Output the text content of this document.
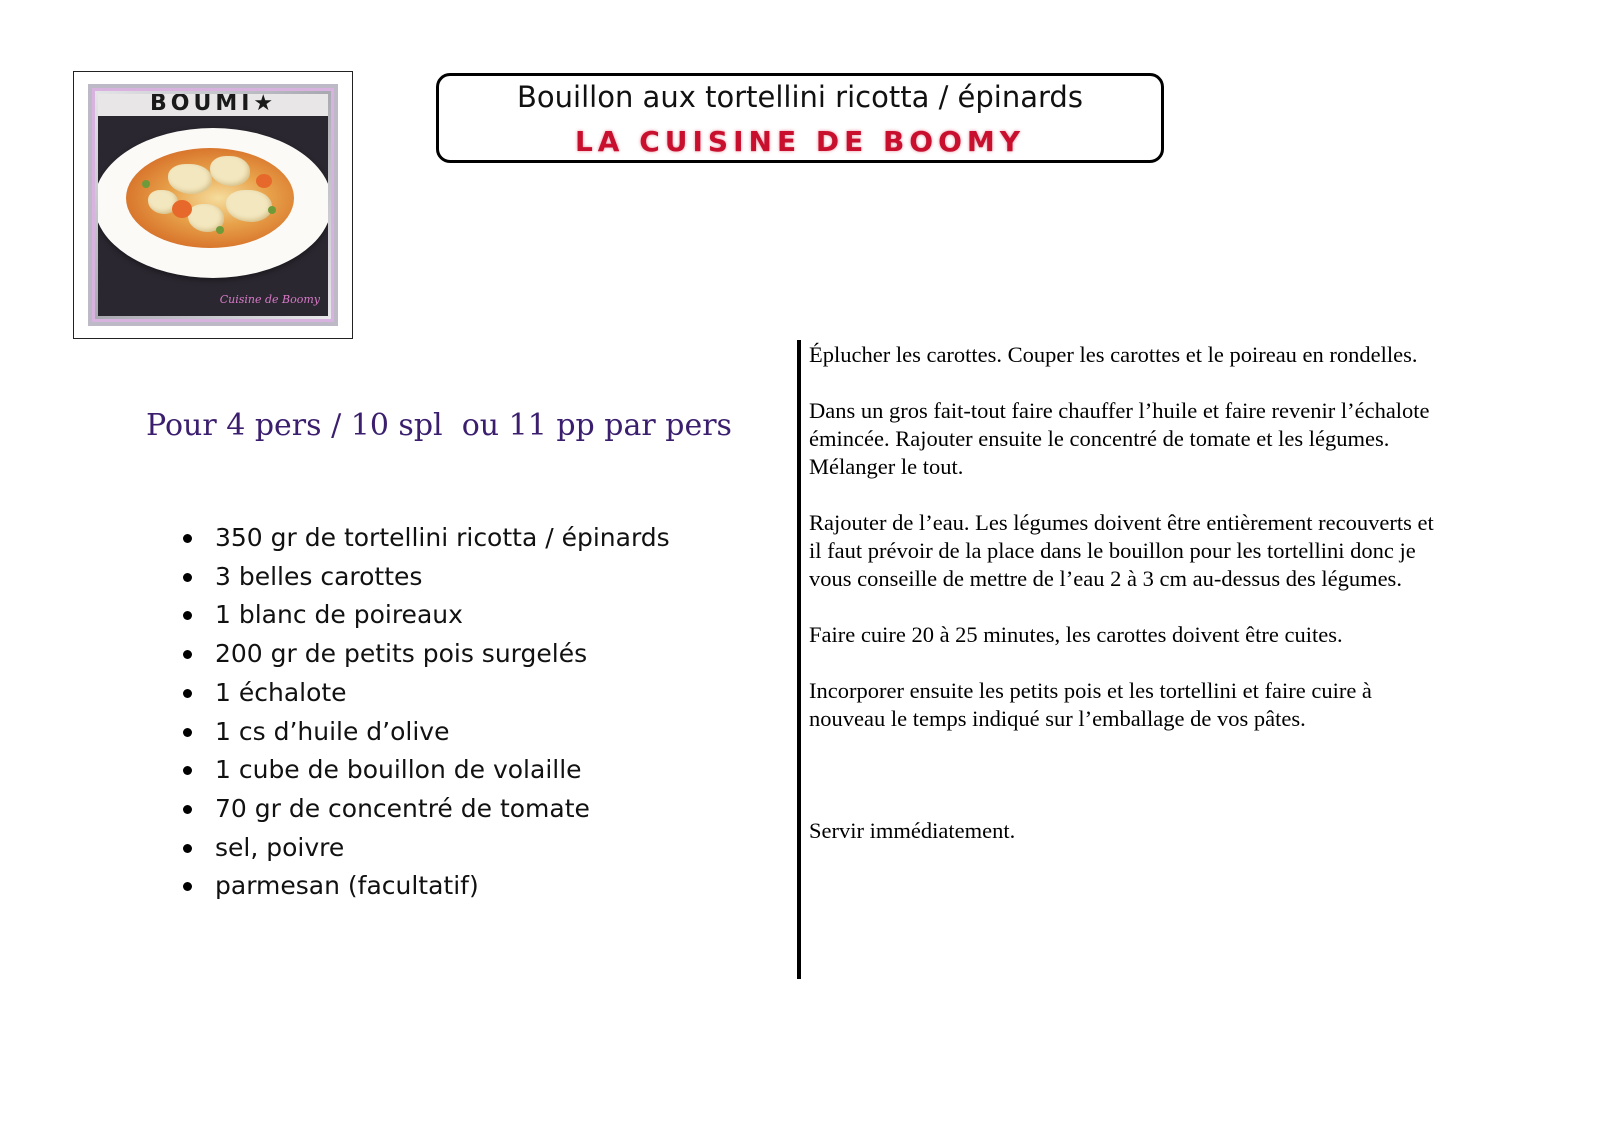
BOUMI★
Cuisine de Boomy
Bouillon aux tortellini ricotta / épinards
LA CUISINE DE BOOMY
Pour 4 pers / 10 spl  ou 11 pp par pers
350 gr de tortellini ricotta / épinards
3 belles carottes
1 blanc de poireaux
200 gr de petits pois surgelés
1 échalote
1 cs d’huile d’olive
1 cube de bouillon de volaille
70 gr de concentré de tomate
sel, poivre
parmesan (facultatif)

Éplucher les carottes. Couper les carottes et le poireau en rondelles.

Dans un gros fait-tout faire chauffer l’huile et faire revenir l’échalote émincée. Rajouter ensuite le concentré de tomate et les légumes. Mélanger le tout.

Rajouter de l’eau. Les légumes doivent être entièrement recouverts et il faut prévoir de la place dans le bouillon pour les tortellini donc je vous conseille de mettre de l’eau 2 à 3 cm au-dessus des légumes.

Faire cuire 20 à 25 minutes, les carottes doivent être cuites.

Incorporer ensuite les petits pois et les tortellini et faire cuire à nouveau le temps indiqué sur l’emballage de vos pâtes.

Servir immédiatement.
